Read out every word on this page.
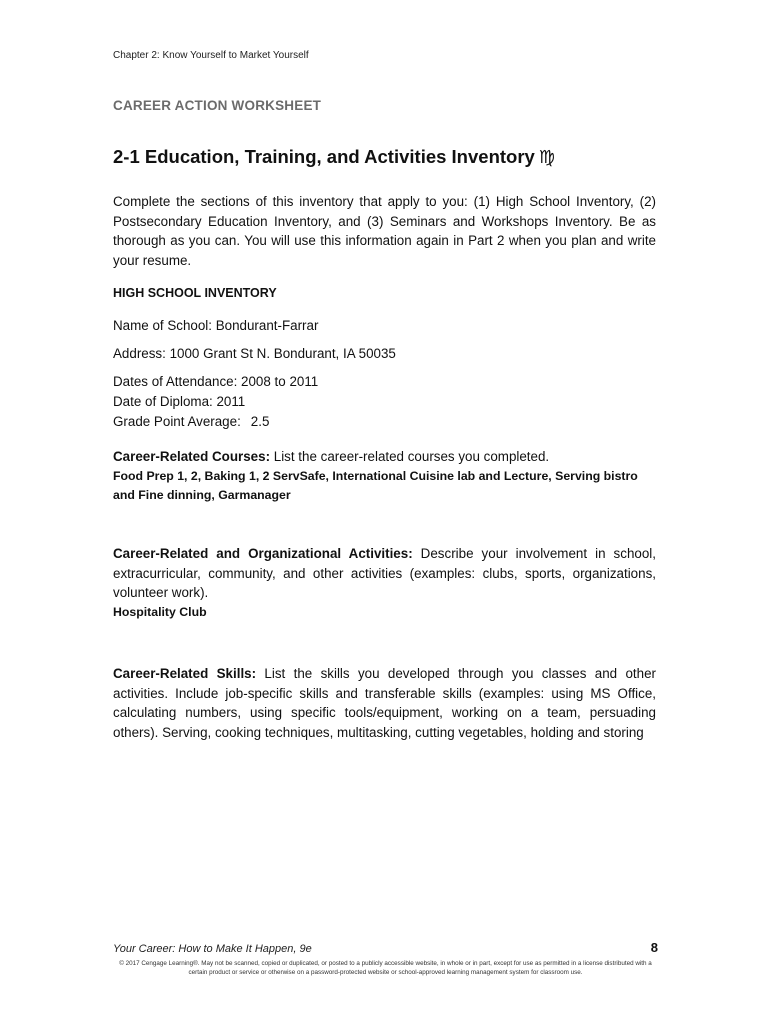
Chapter 2: Know Yourself to Market Yourself
CAREER ACTION WORKSHEET
2-1 Education, Training, and Activities Inventory ♍
Complete the sections of this inventory that apply to you: (1) High School Inventory, (2) Postsecondary Education Inventory, and (3) Seminars and Workshops Inventory. Be as thorough as you can. You will use this information again in Part 2 when you plan and write your resume.
HIGH SCHOOL INVENTORY
Name of School: Bondurant-Farrar
Address: 1000 Grant St N. Bondurant, IA 50035
Dates of Attendance: 2008 to 2011
Date of Diploma: 2011
Grade Point Average: 2.5
Career-Related Courses: List the career-related courses you completed.
Food Prep 1, 2, Baking 1, 2 ServSafe, International Cuisine lab and Lecture, Serving bistro and Fine dinning, Garmanager
Career-Related and Organizational Activities: Describe your involvement in school, extracurricular, community, and other activities (examples: clubs, sports, organizations, volunteer work).
Hospitality Club
Career-Related Skills: List the skills you developed through you classes and other activities. Include job-specific skills and transferable skills (examples: using MS Office, calculating numbers, using specific tools/equipment, working on a team, persuading others). Serving, cooking techniques, multitasking, cutting vegetables, holding and storing
Your Career: How to Make It Happen, 9e	8
© 2017 Cengage Learning®. May not be scanned, copied or duplicated, or posted to a publicly accessible website, in whole or in part, except for use as permitted in a license distributed with a certain product or service or otherwise on a password-protected website or school-approved learning management system for classroom use.
